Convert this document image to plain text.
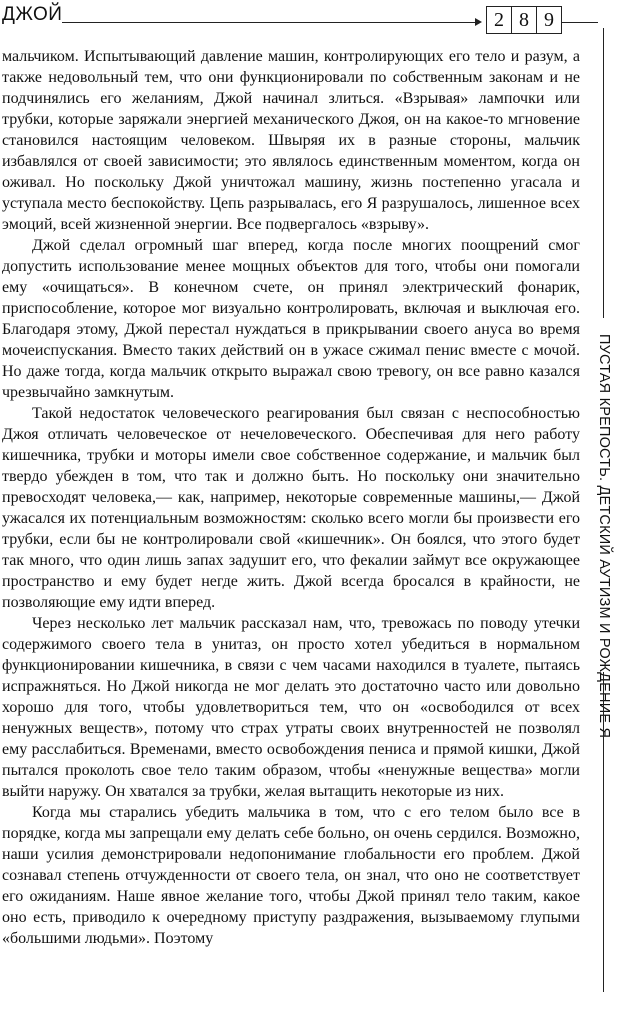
ДЖОЙ	2 8 9
ПУСТАЯ КРЕПОСТЬ. ДЕТСКИЙ АУТИЗМ И РОЖДЕНИЕ Я

мальчиком. Испытывающий давление машин, контролирующих его тело и разум, а также недовольный тем, что они функционировали по собственным законам и не подчинялись его желаниям, Джой начинал злиться. «Взрывая» лампочки или трубки, которые заряжали энергией механического Джоя, он на какое-то мгновение становился настоящим человеком. Швыряя их в разные стороны, мальчик избавлялся от своей зависимости; это являлось единственным моментом, когда он оживал. Но поскольку Джой уничтожал машину, жизнь постепенно угасала и уступала место беспокойству. Цепь разрывалась, его Я разрушалось, лишенное всех эмоций, всей жизненной энергии. Все подвергалось «взрыву».

Джой сделал огромный шаг вперед, когда после многих поощрений смог допустить использование менее мощных объектов для того, чтобы они помогали ему «очищаться». В конечном счете, он принял электрический фонарик, приспособление, которое мог визуально контролировать, включая и выключая его. Благодаря этому, Джой перестал нуждаться в прикрывании своего ануса во время мочеиспускания. Вместо таких действий он в ужасе сжимал пенис вместе с мочой. Но даже тогда, когда мальчик открыто выражал свою тревогу, он все равно казался чрезвычайно замкнутым.

Такой недостаток человеческого реагирования был связан с неспособностью Джоя отличать человеческое от нечеловеческого. Обеспечивая для него работу кишечника, трубки и моторы имели свое собственное содержание, и мальчик был твердо убежден в том, что так и должно быть. Но поскольку они значительно превосходят человека,— как, например, некоторые современные машины,— Джой ужасался их потенциальным возможностям: сколько всего могли бы произвести его трубки, если бы не контролировали свой «кишечник». Он боялся, что этого будет так много, что один лишь запах задушит его, что фекалии займут все окружающее пространство и ему будет негде жить. Джой всегда бросался в крайности, не позволяющие ему идти вперед.

Через несколько лет мальчик рассказал нам, что, тревожась по поводу утечки содержимого своего тела в унитаз, он просто хотел убедиться в нормальном функционировании кишечника, в связи с чем часами находился в туалете, пытаясь испражняться. Но Джой никогда не мог делать это достаточно часто или довольно хорошо для того, чтобы удовлетвориться тем, что он «освободился от всех ненужных веществ», потому что страх утраты своих внутренностей не позволял ему расслабиться. Временами, вместо освобождения пениса и прямой кишки, Джой пытался проколоть свое тело таким образом, чтобы «ненужные вещества» могли выйти наружу. Он хватался за трубки, желая вытащить некоторые из них.

Когда мы старались убедить мальчика в том, что с его телом было все в порядке, когда мы запрещали ему делать себе больно, он очень сердился. Возможно, наши усилия демонстрировали недопонимание глобальности его проблем. Джой сознавал степень отчужденности от своего тела, он знал, что оно не соответствует его ожиданиям. Наше явное желание того, чтобы Джой принял тело таким, какое оно есть, приводило к очередному приступу раздражения, вызываемому глупыми «большими людьми». Поэтому
